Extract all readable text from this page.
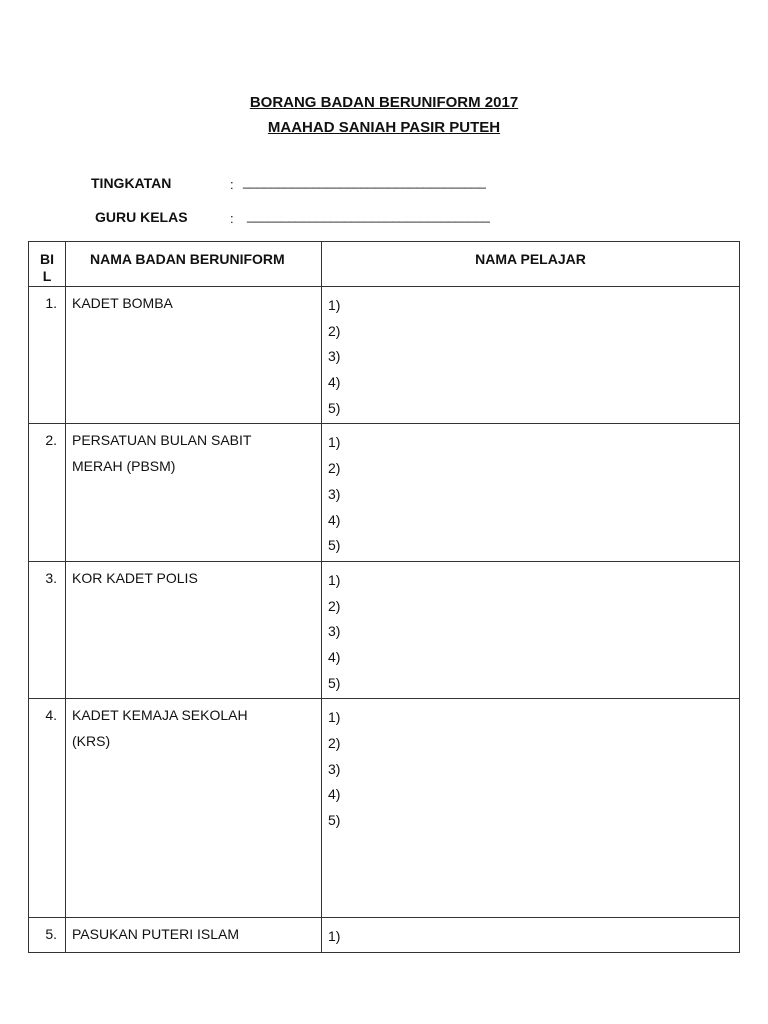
BORANG BADAN BERUNIFORM 2017
MAAHAD SANIAH PASIR PUTEH
TINGKATAN	: ___________________________________
GURU KELAS	: ___________________________________
BI
L	NAMA BADAN BERUNIFORM	NAMA PELAJAR
1.	KADET BOMBA	1)
2)
3)
4)
5)

2.	PERSATUAN BULAN SABIT
MERAH (PBSM)	1)
2)
3)
4)
5)

3.	KOR KADET POLIS	1)
2)
3)
4)
5)

4.	KADET KEMAJA SEKOLAH
(KRS)	1)
2)
3)
4)
5)

5.	PASUKAN PUTERI ISLAM	1)
